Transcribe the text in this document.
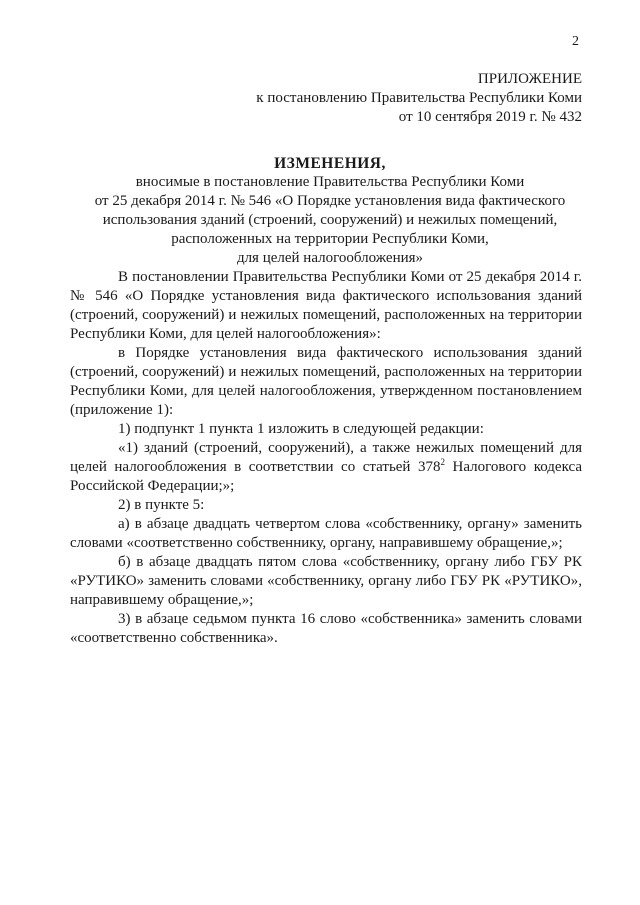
2
ПРИЛОЖЕНИЕ
к постановлению Правительства Республики Коми
от 10 сентября 2019 г. № 432
ИЗМЕНЕНИЯ,
вносимые в постановление Правительства Республики Коми
от 25 декабря 2014 г. № 546 «О Порядке установления вида фактического
использования зданий (строений, сооружений) и нежилых помещений,
расположенных на территории Республики Коми,
для целей налогообложения»

В постановлении Правительства Республики Коми от 25 декабря 2014 г. № 546 «О Порядке установления вида фактического использования зданий (строений, сооружений) и нежилых помещений, расположенных на территории Республики Коми, для целей налогообложения»:

в Порядке установления вида фактического использования зданий (строений, сооружений) и нежилых помещений, расположенных на территории Республики Коми, для целей налогообложения, утвержденном постановлением (приложение 1):

1) подпункт 1 пункта 1 изложить в следующей редакции:

«1) зданий (строений, сооружений), а также нежилых помещений для целей налогообложения в соответствии со статьей $378^2$ Налогового кодекса Российской Федерации;»;

2) в пункте 5:

а) в абзаце двадцать четвертом слова «собственнику, органу» заменить словами «соответственно собственнику, органу, направившему обращение,»;

б) в абзаце двадцать пятом слова «собственнику, органу либо ГБУ РК «РУТИКО» заменить словами «собственнику, органу либо ГБУ РК «РУТИКО», направившему обращение,»;

3) в абзаце седьмом пункта 16 слово «собственника» заменить словами «соответственно собственника».
